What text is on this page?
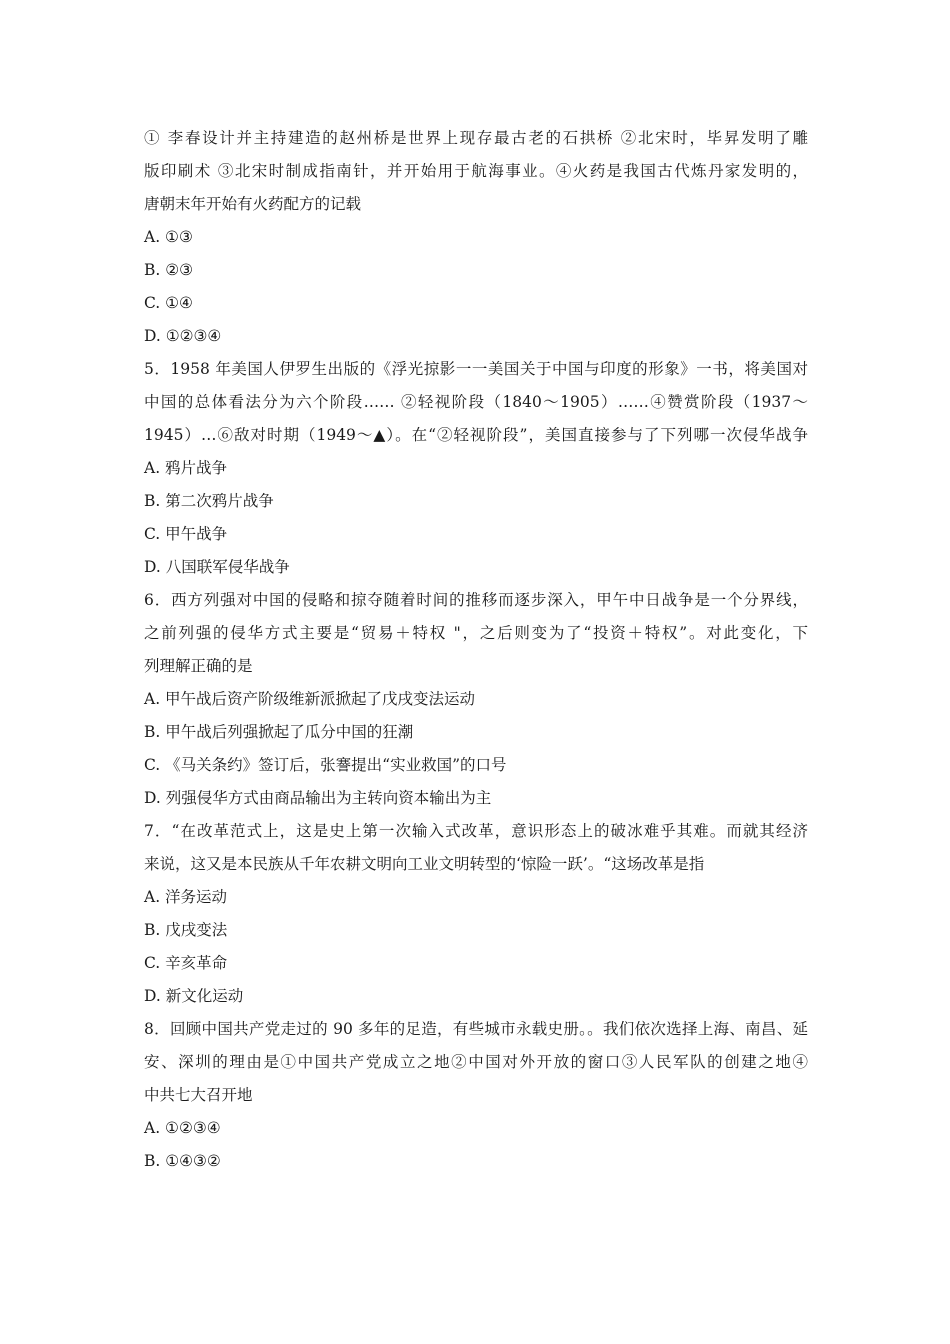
① 李春设计并主持建造的赵州桥是世界上现存最古老的石拱桥 ②北宋时，毕昇发明了雕
版印刷术 ③北宋时制成指南针，并开始用于航海事业。④火药是我国古代炼丹家发明的，
唐朝末年开始有火药配方的记载
A. ①③
B. ②③
C. ①④
D. ①②③④
5．1958 年美国人伊罗生出版的《浮光掠影一一美国关于中国与印度的形象》一书，将美国对
中国的总体看法分为六个阶段…… ②轻视阶段（1840～1905）……④赞赏阶段（1937～
1945）…⑥敌对时期（1949～▲）。在“②轻视阶段”，美国直接参与了下列哪一次侵华战争
A. 鸦片战争
B. 第二次鸦片战争
C. 甲午战争
D. 八国联军侵华战争
6．西方列强对中国的侵略和掠夺随着时间的推移而逐步深入，甲午中日战争是一个分界线，
之前列强的侵华方式主要是“贸易＋特权 "，之后则变为了“投资＋特权”。对此变化，下
列理解正确的是
A. 甲午战后资产阶级维新派掀起了戊戌变法运动
B. 甲午战后列强掀起了瓜分中国的狂潮
C. 《马关条约》签订后，张謇提出“实业救国”的口号
D. 列强侵华方式由商品输出为主转向资本输出为主
7．“在改革范式上，这是史上第一次输入式改革，意识形态上的破冰难乎其难。而就其经济
来说，这又是本民族从千年农耕文明向工业文明转型的‘惊险一跃’。“这场改革是指
A. 洋务运动
B. 戊戌变法
C. 辛亥革命
D. 新文化运动
8．回顾中国共产党走过的 90 多年的足造，有些城市永载史册。。我们依次选择上海、南昌、延
安、深圳的理由是①中国共产党成立之地②中国对外开放的窗口③人民军队的创建之地④
中共七大召开地
A. ①②③④
B. ①④③②
